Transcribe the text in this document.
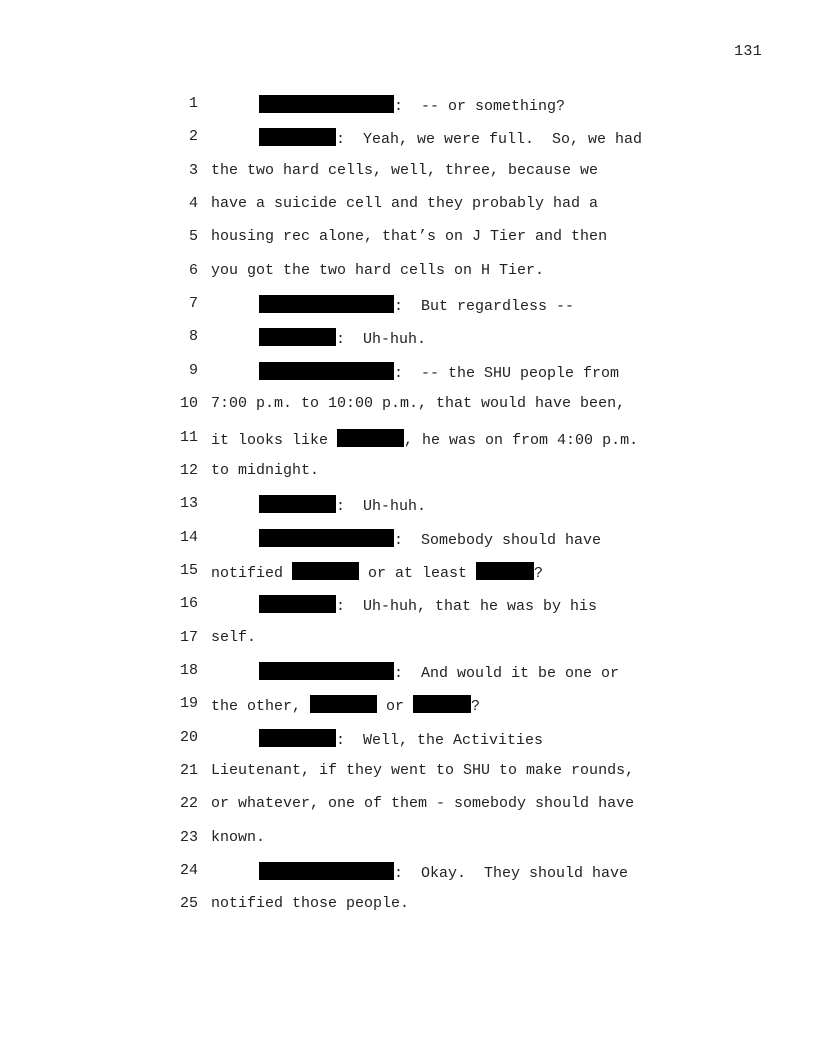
131
1	:  -- or something?
2	:  Yeah, we were full.  So, we had
3 the two hard cells, well, three, because we
4 have a suicide cell and they probably had a
5 housing rec alone, that’s on J Tier and then
6 you got the two hard cells on H Tier.
7	:  But regardless --
8	:  Uh-huh.
9	:  -- the SHU people from
10 7:00 p.m. to 10:00 p.m., that would have been,
11 it looks like	, he was on from 4:00 p.m.
12 to midnight.
13	:  Uh-huh.
14	:  Somebody should have
15 notified	or at least	?
16	:  Uh-huh, that he was by his
17 self.
18	:  And would it be one or
19 the other,	or	?
20	:  Well, the Activities
21 Lieutenant, if they went to SHU to make rounds,
22 or whatever, one of them - somebody should have
23 known.
24	:  Okay.  They should have
25 notified those people.
